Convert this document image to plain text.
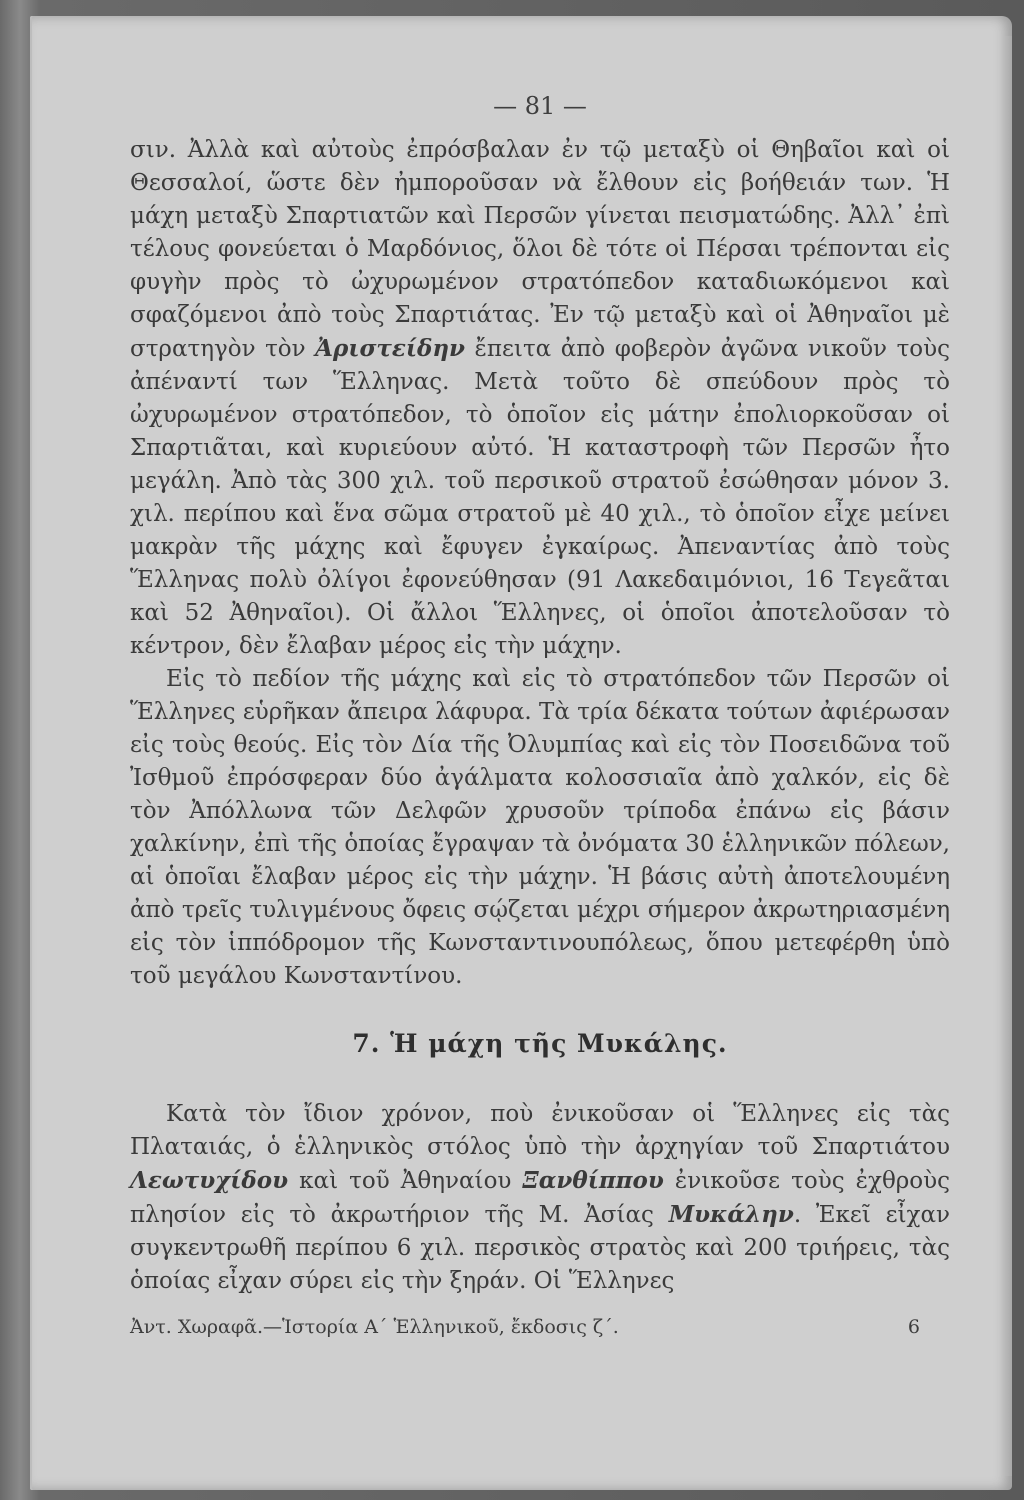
— 81 —

σιν. Ἀλλὰ καὶ αὐτοὺς ἐπρόσβαλαν ἐν τῷ μεταξὺ οἱ Θηβαῖοι καὶ οἱ Θεσσαλοί, ὥστε δὲν ἠμποροῦσαν νὰ ἔλθουν εἰς βοήθειάν των. Ἡ μάχη μεταξὺ Σπαρτιατῶν καὶ Περσῶν γίνεται πεισματώδης. Ἀλλ᾽ ἐπὶ τέλους φονεύεται ὁ Μαρδόνιος, ὅλοι δὲ τότε οἱ Πέρσαι τρέπονται εἰς φυγὴν πρὸς τὸ ὠχυρωμένον στρατόπεδον καταδιωκόμενοι καὶ σφαζόμενοι ἀπὸ τοὺς Σπαρτιάτας. Ἐν τῷ μεταξὺ καὶ οἱ Ἀθηναῖοι μὲ στρατηγὸν τὸν Ἀριστείδην ἔπειτα ἀπὸ φοβερὸν ἀγῶνα νικοῦν τοὺς ἀπέναντί των Ἕλληνας. Μετὰ τοῦτο δὲ σπεύδουν πρὸς τὸ ὠχυρωμένον στρατόπεδον, τὸ ὁποῖον εἰς μάτην ἐπολιορκοῦσαν οἱ Σπαρτιᾶται, καὶ κυριεύουν αὐτό. Ἡ καταστροφὴ τῶν Περσῶν ἦτο μεγάλη. Ἀπὸ τὰς 300 χιλ. τοῦ περσικοῦ στρατοῦ ἐσώθησαν μόνον 3. χιλ. περίπου καὶ ἕνα σῶμα στρατοῦ μὲ 40 χιλ., τὸ ὁποῖον εἶχε μείνει μακρὰν τῆς μάχης καὶ ἔφυγεν ἐγκαίρως. Ἀπεναντίας ἀπὸ τοὺς Ἕλληνας πολὺ ὀλίγοι ἐφονεύθησαν (91 Λακεδαιμόνιοι, 16 Τεγεᾶται καὶ 52 Ἀθηναῖοι). Οἱ ἄλλοι Ἕλληνες, οἱ ὁποῖοι ἀποτελοῦσαν τὸ κέντρον, δὲν ἔλαβαν μέρος εἰς τὴν μάχην.

Εἰς τὸ πεδίον τῆς μάχης καὶ εἰς τὸ στρατόπεδον τῶν Περσῶν οἱ Ἕλληνες εὑρῆκαν ἄπειρα λάφυρα. Τὰ τρία δέκατα τούτων ἀφιέρωσαν εἰς τοὺς θεούς. Εἰς τὸν Δία τῆς Ὀλυμπίας καὶ εἰς τὸν Ποσειδῶνα τοῦ Ἰσθμοῦ ἐπρόσφεραν δύο ἀγάλματα κολοσσιαῖα ἀπὸ χαλκόν, εἰς δὲ τὸν Ἀπόλλωνα τῶν Δελφῶν χρυσοῦν τρίποδα ἐπάνω εἰς βάσιν χαλκίνην, ἐπὶ τῆς ὁποίας ἔγραψαν τὰ ὀνόματα 30 ἑλληνικῶν πόλεων, αἱ ὁποῖαι ἔλαβαν μέρος εἰς τὴν μάχην. Ἡ βάσις αὐτὴ ἀποτελουμένη ἀπὸ τρεῖς τυλιγμένους ὄφεις σῴζεται μέχρι σήμερον ἀκρωτηριασμένη εἰς τὸν ἱππόδρομον τῆς Κωνσταντινουπόλεως, ὅπου μετεφέρθη ὑπὸ τοῦ μεγάλου Κωνσταντίνου.

7. Ἡ μάχη τῆς Μυκάλης.

Κατὰ τὸν ἴδιον χρόνον, ποὺ ἐνικοῦσαν οἱ Ἕλληνες εἰς τὰς Πλαταιάς, ὁ ἑλληνικὸς στόλος ὑπὸ τὴν ἀρχηγίαν τοῦ Σπαρτιάτου Λεωτυχίδου καὶ τοῦ Ἀθηναίου Ξανθίππου ἐνικοῦσε τοὺς ἐχθροὺς πλησίον εἰς τὸ ἀκρωτήριον τῆς Μ. Ἀσίας Μυκάλην. Ἐκεῖ εἶχαν συγκεντρωθῆ περίπου 6 χιλ. περσικὸς στρατὸς καὶ 200 τριήρεις, τὰς ὁποίας εἶχαν σύρει εἰς τὴν ξηράν. Οἱ Ἕλληνες

Ἀντ. Χωραφᾶ.—Ἱστορία Α´ Ἑλληνικοῦ, ἔκδοσις ζ´.	6
